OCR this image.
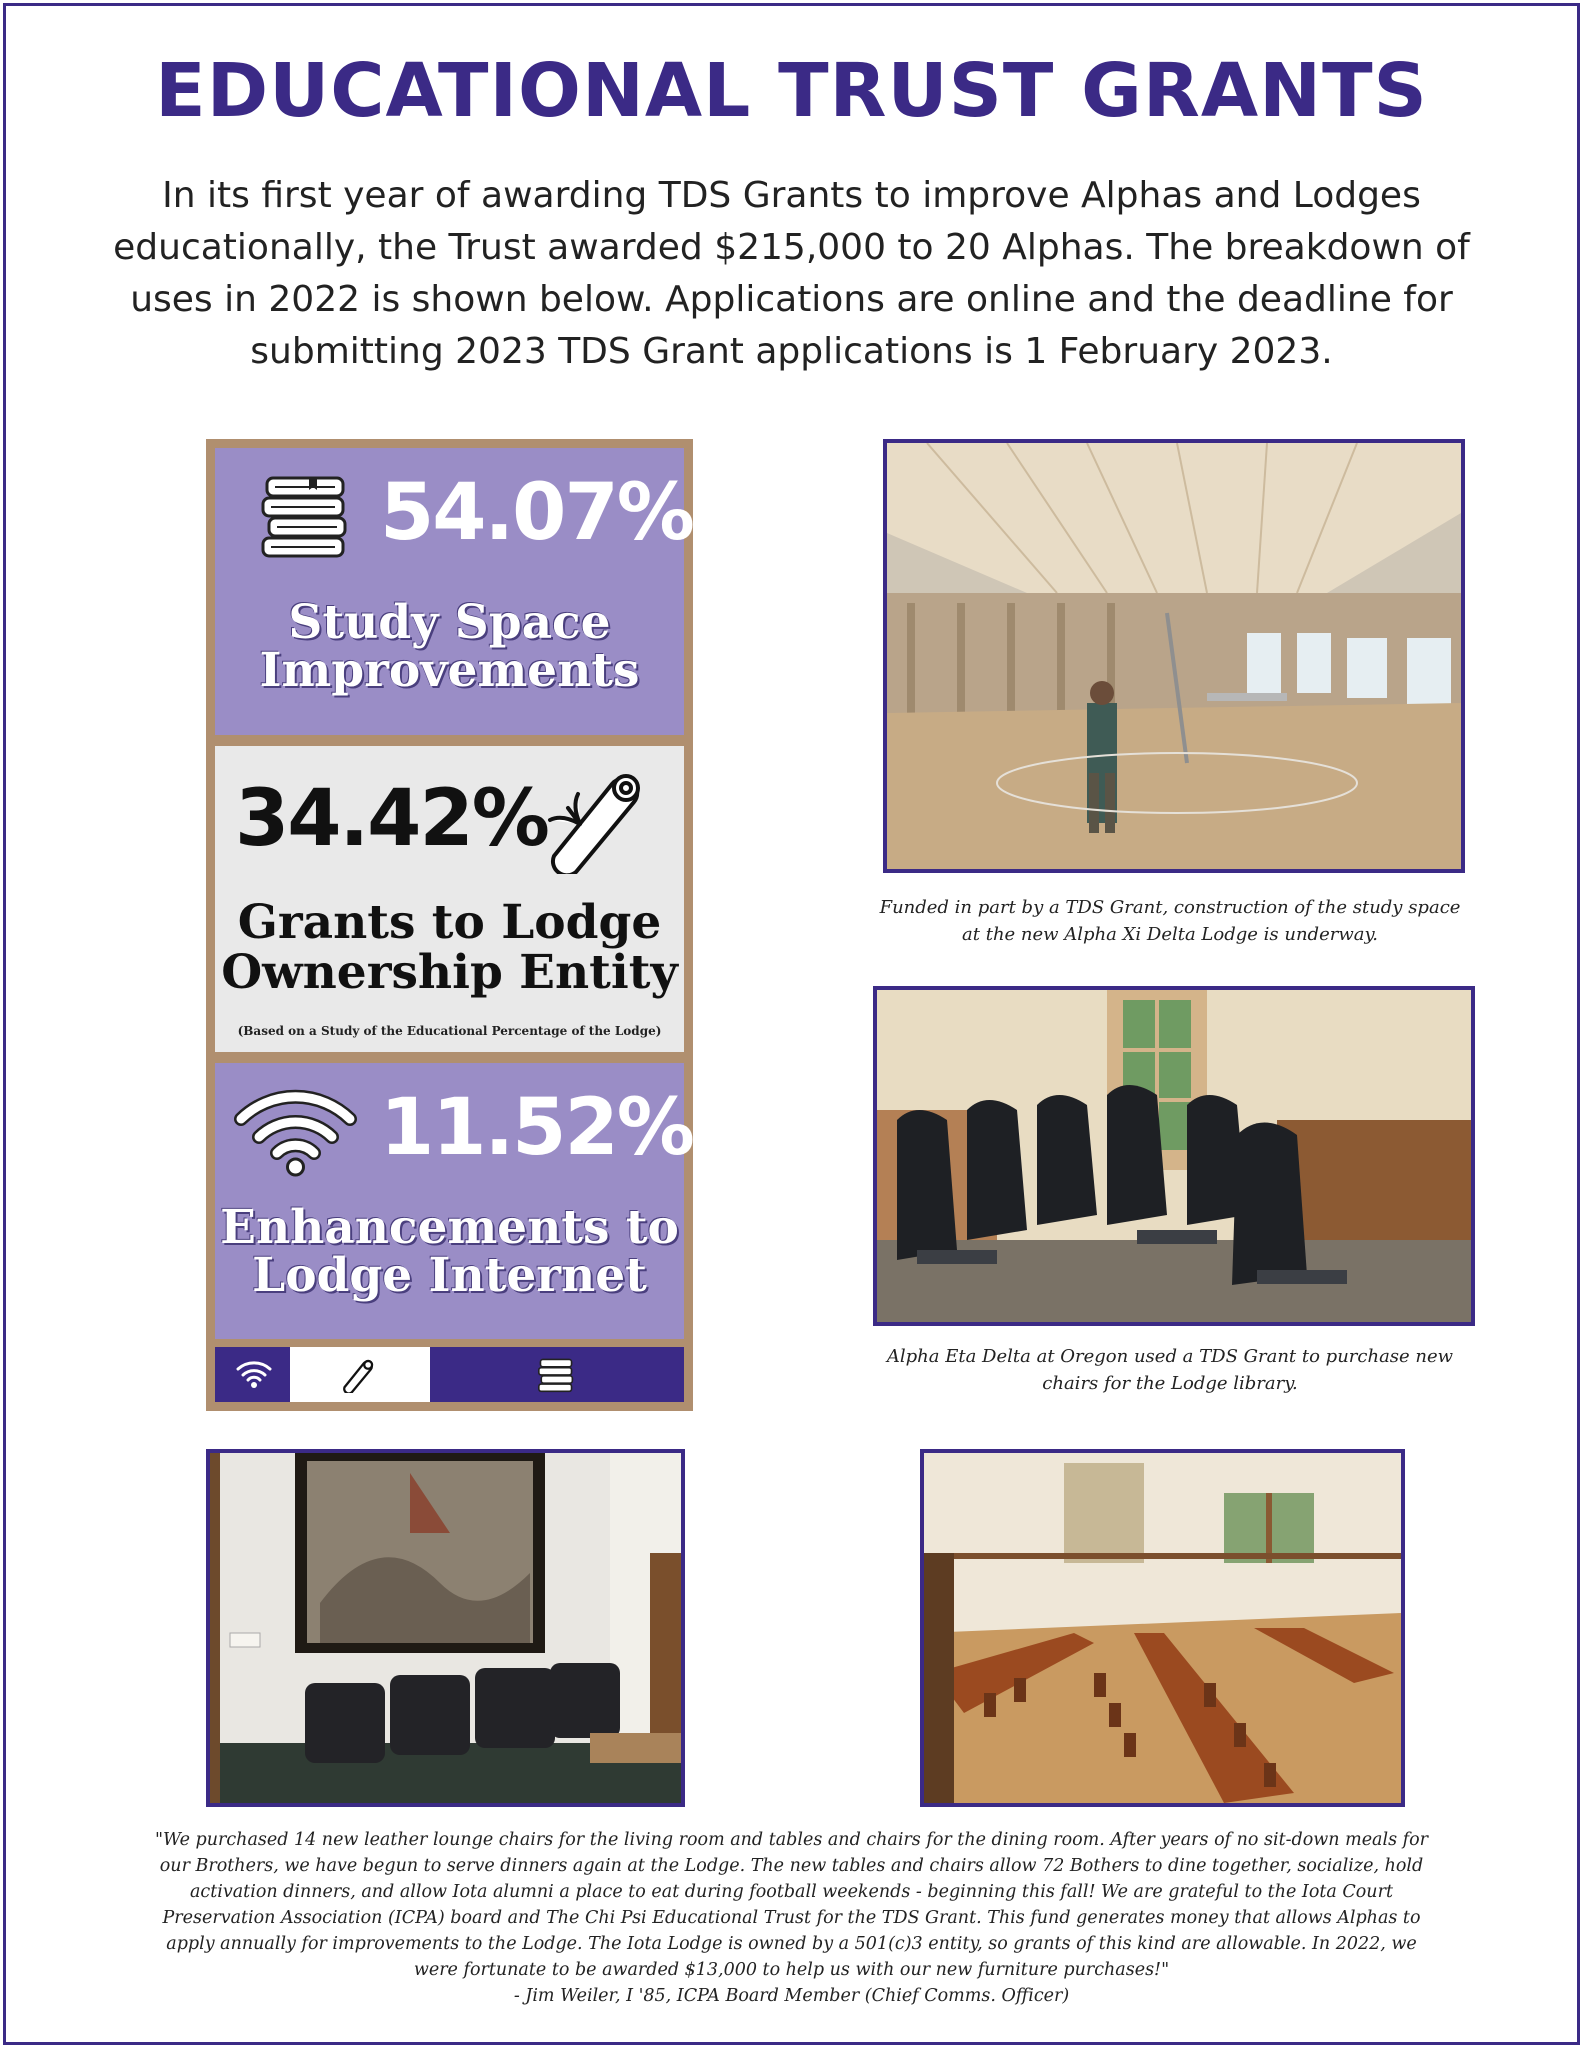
EDUCATIONAL TRUST GRANTS
In its first year of awarding TDS Grants to improve Alphas and Lodges educationally, the Trust awarded $215,000 to 20 Alphas. The breakdown of uses in 2022 is shown below. Applications are online and the deadline for submitting 2023 TDS Grant applications is 1 February 2023.
54.07%
Study Space
Improvements
34.42%
Grants to Lodge
Ownership Entity
(Based on a Study of the Educational Percentage of the Lodge)
11.52%
Enhancements to
Lodge Internet
Funded in part by a TDS Grant, construction of the study space at the new Alpha Xi Delta Lodge is underway.
Alpha Eta Delta at Oregon used a TDS Grant to purchase new chairs for the Lodge library.
"We purchased 14 new leather lounge chairs for the living room and tables and chairs for the dining room. After years of no sit-down meals for our Brothers, we have begun to serve dinners again at the Lodge. The new tables and chairs allow 72 Bothers to dine together, socialize, hold activation dinners, and allow Iota alumni a place to eat during football weekends - beginning this fall! We are grateful to the Iota Court Preservation Association (ICPA) board and The Chi Psi Educational Trust for the TDS Grant. This fund generates money that allows Alphas to apply annually for improvements to the Lodge. The Iota Lodge is owned by a 501(c)3 entity, so grants of this kind are allowable. In 2022, we were fortunate to be awarded $13,000 to help us with our new furniture purchases!"
- Jim Weiler, I '85, ICPA Board Member (Chief Comms. Officer)
